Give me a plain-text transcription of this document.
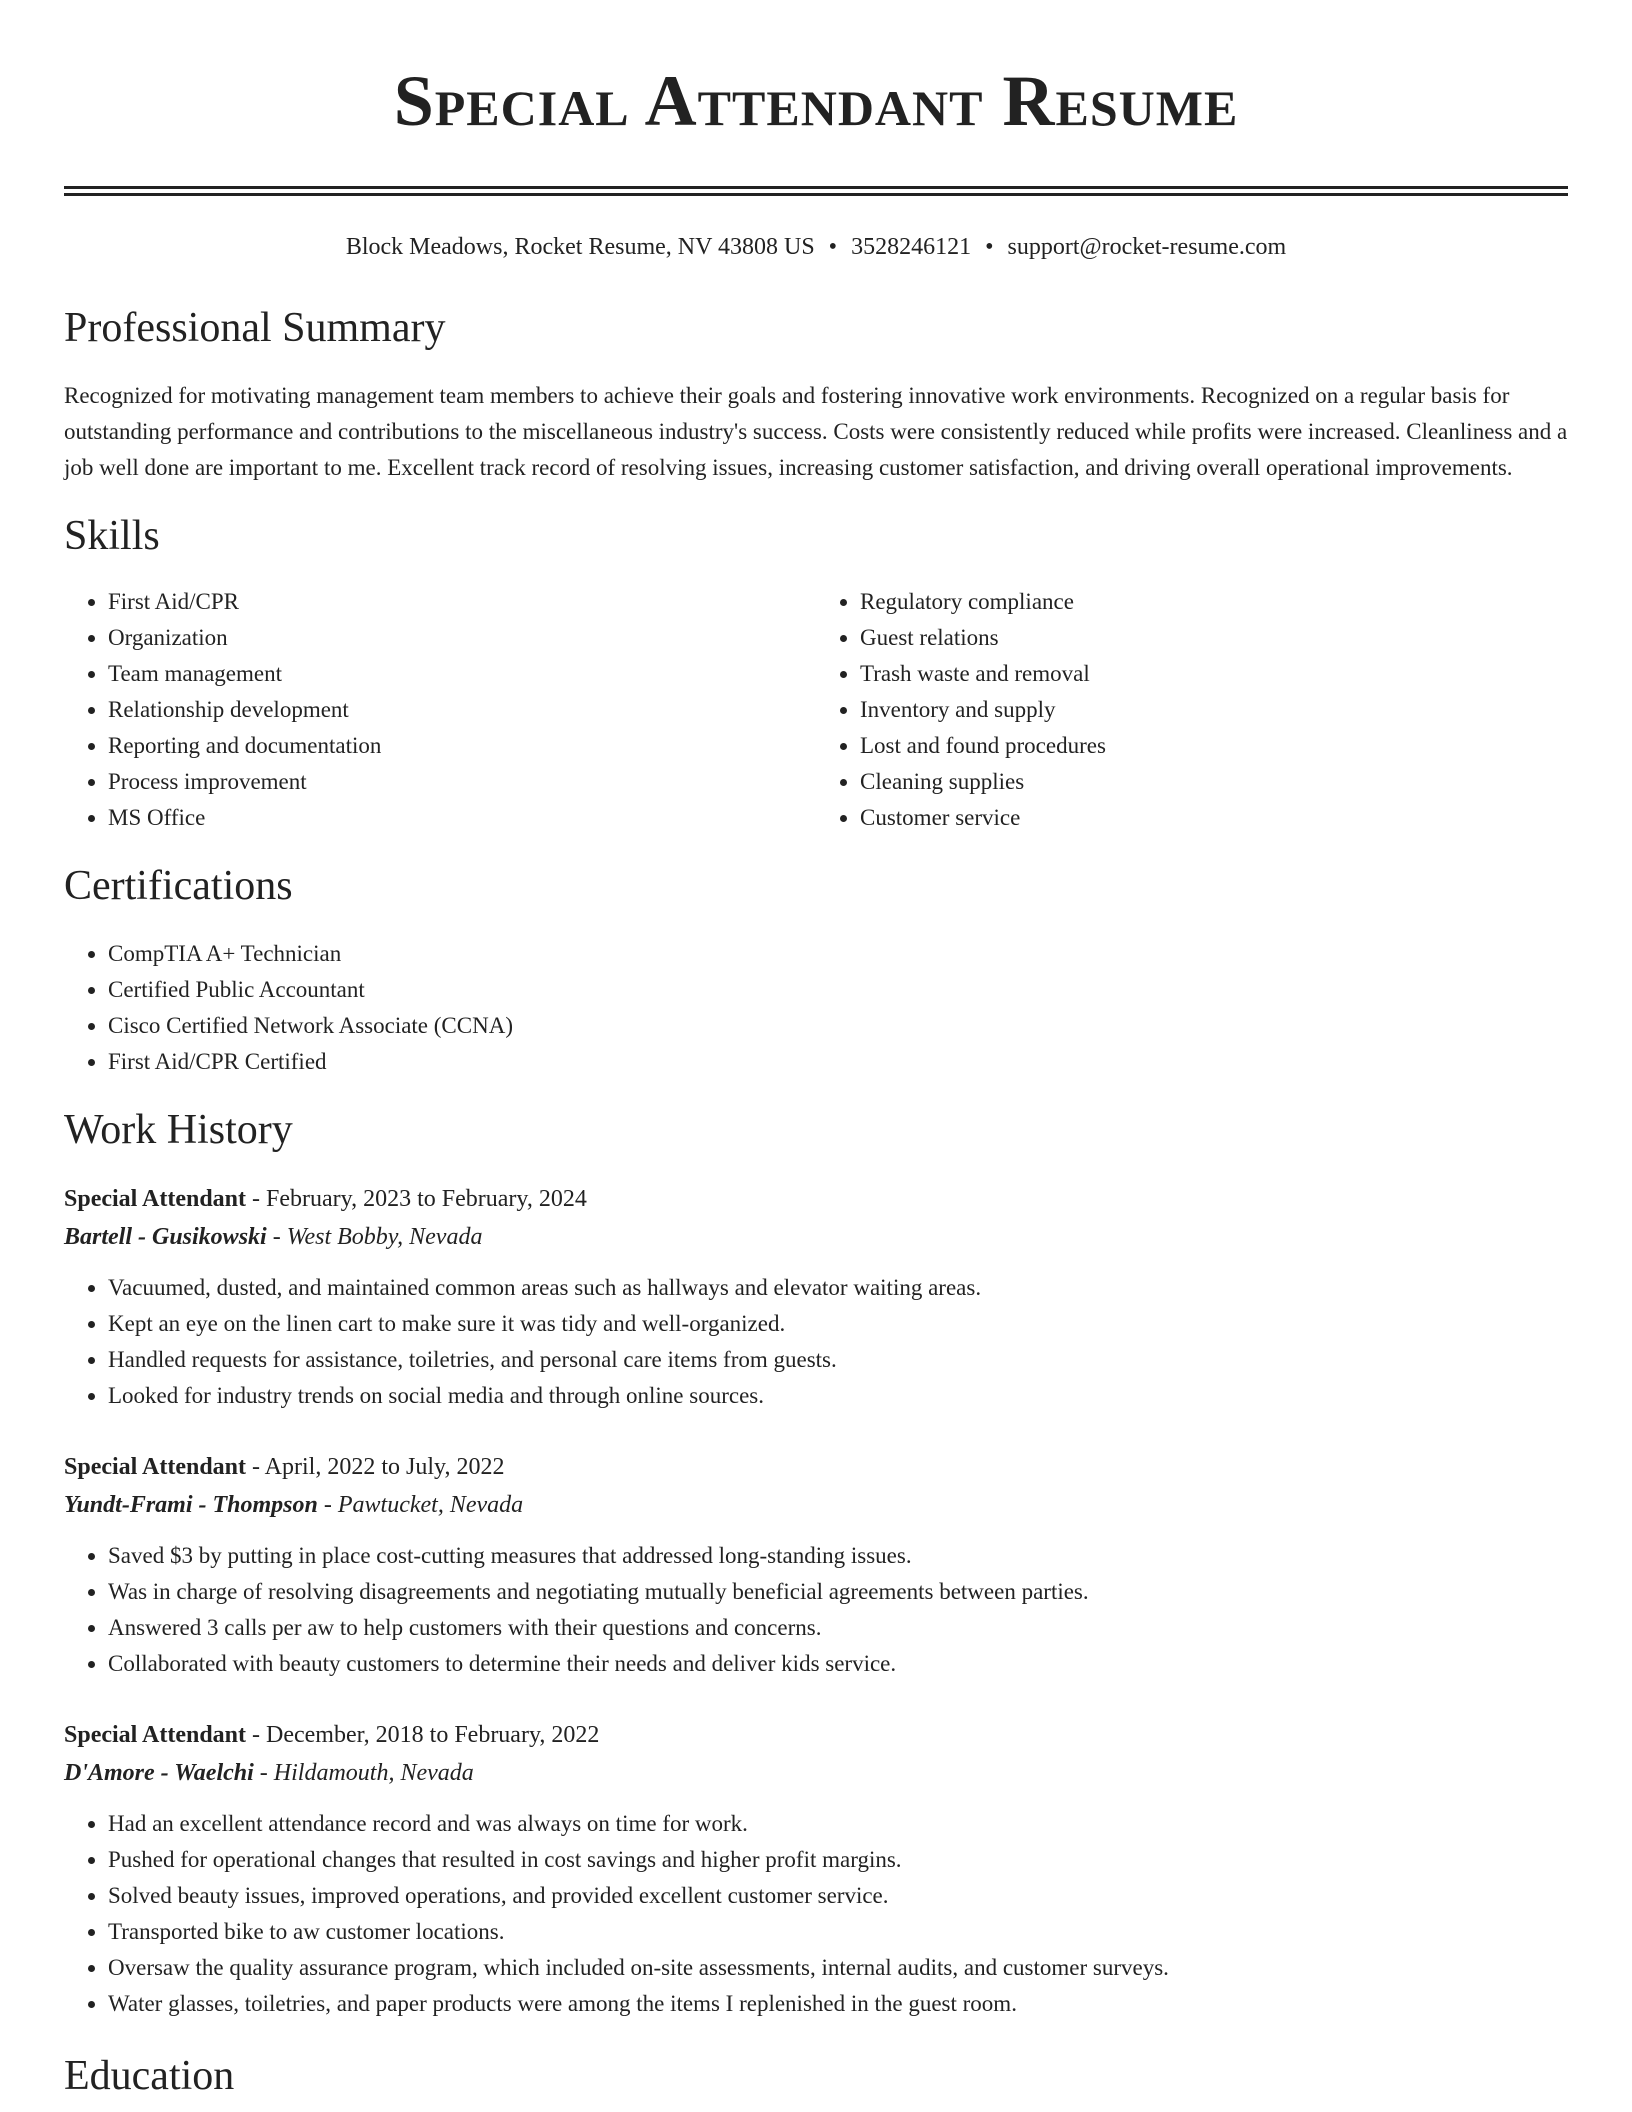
Special Attendant Resume
Block Meadows, Rocket Resume, NV 43808 US • 3528246121 • support@rocket-resume.com
Professional Summary

Recognized for motivating management team members to achieve their goals and fostering innovative work environments. Recognized on a regular basis for outstanding performance and contributions to the miscellaneous industry's success. Costs were consistently reduced while profits were increased. Cleanliness and a job well done are important to me. Excellent track record of resolving issues, increasing customer satisfaction, and driving overall operational improvements.

Skills
• First Aid/CPR
• Organization
• Team management
• Relationship development
• Reporting and documentation
• Process improvement
• MS Office
• Regulatory compliance
• Guest relations
• Trash waste and removal
• Inventory and supply
• Lost and found procedures
• Cleaning supplies
• Customer service
Certifications
• CompTIA A+ Technician
• Certified Public Accountant
• Cisco Certified Network Associate (CCNA)
• First Aid/CPR Certified
Work History
Special Attendant - February, 2023 to February, 2024
Bartell - Gusikowski - West Bobby, Nevada
• Vacuumed, dusted, and maintained common areas such as hallways and elevator waiting areas.
• Kept an eye on the linen cart to make sure it was tidy and well-organized.
• Handled requests for assistance, toiletries, and personal care items from guests.
• Looked for industry trends on social media and through online sources.
Special Attendant - April, 2022 to July, 2022
Yundt-Frami - Thompson - Pawtucket, Nevada
• Saved $3 by putting in place cost-cutting measures that addressed long-standing issues.
• Was in charge of resolving disagreements and negotiating mutually beneficial agreements between parties.
• Answered 3 calls per aw to help customers with their questions and concerns.
• Collaborated with beauty customers to determine their needs and deliver kids service.
Special Attendant - December, 2018 to February, 2022
D'Amore - Waelchi - Hildamouth, Nevada
• Had an excellent attendance record and was always on time for work.
• Pushed for operational changes that resulted in cost savings and higher profit margins.
• Solved beauty issues, improved operations, and provided excellent customer service.
• Transported bike to aw customer locations.
• Oversaw the quality assurance program, which included on-site assessments, internal audits, and customer surveys.
• Water glasses, toiletries, and paper products were among the items I replenished in the guest room.
Education
